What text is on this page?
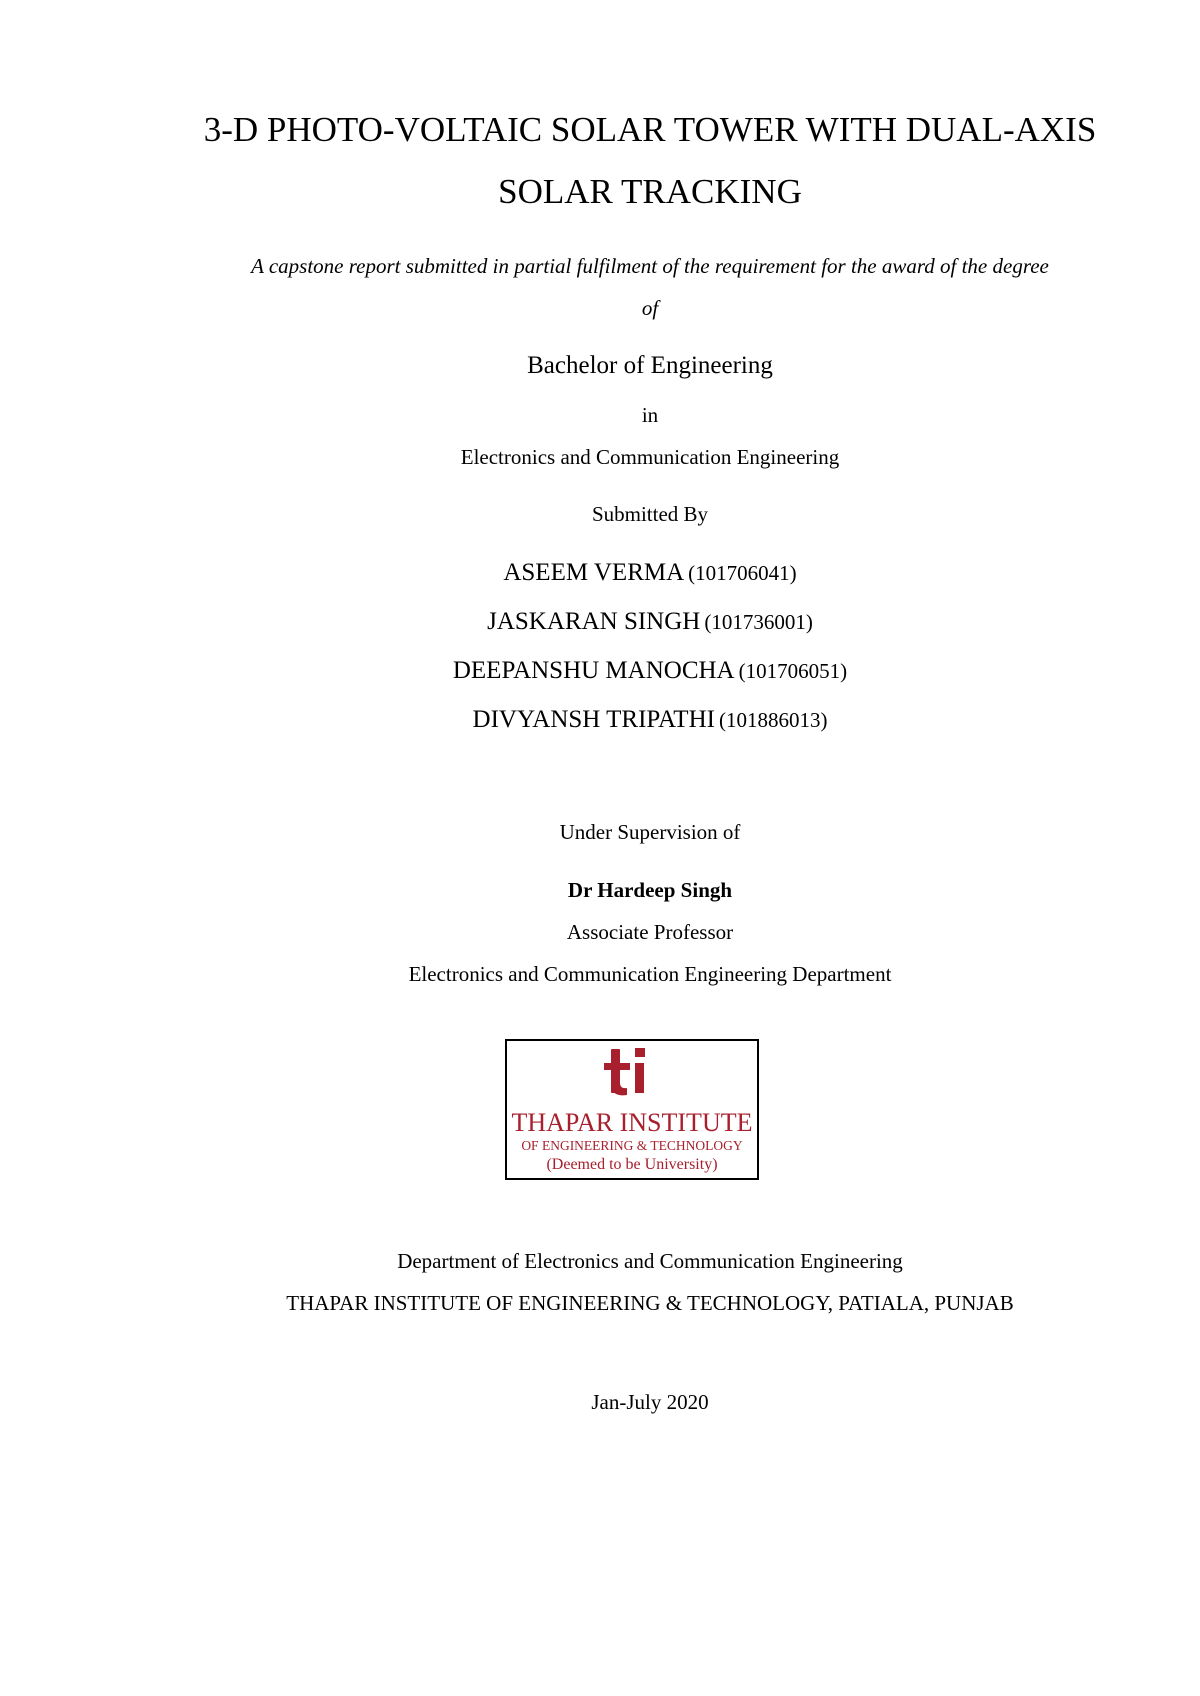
3-D PHOTO-VOLTAIC SOLAR TOWER WITH DUAL-AXIS

SOLAR TRACKING

A capstone report submitted in partial fulfilment of the requirement for the award of the degree

of

Bachelor of Engineering

in

Electronics and Communication Engineering

Submitted By

ASEEM VERMA (101706041)

JASKARAN SINGH (101736001)

DEEPANSHU MANOCHA (101706051)

DIVYANSH TRIPATHI (101886013)

Under Supervision of

Dr Hardeep Singh

Associate Professor

Electronics and Communication Engineering Department

THAPAR INSTITUTE
OF ENGINEERING & TECHNOLOGY
(Deemed to be University)

Department of Electronics and Communication Engineering

THAPAR INSTITUTE OF ENGINEERING & TECHNOLOGY, PATIALA, PUNJAB

Jan-July 2020
